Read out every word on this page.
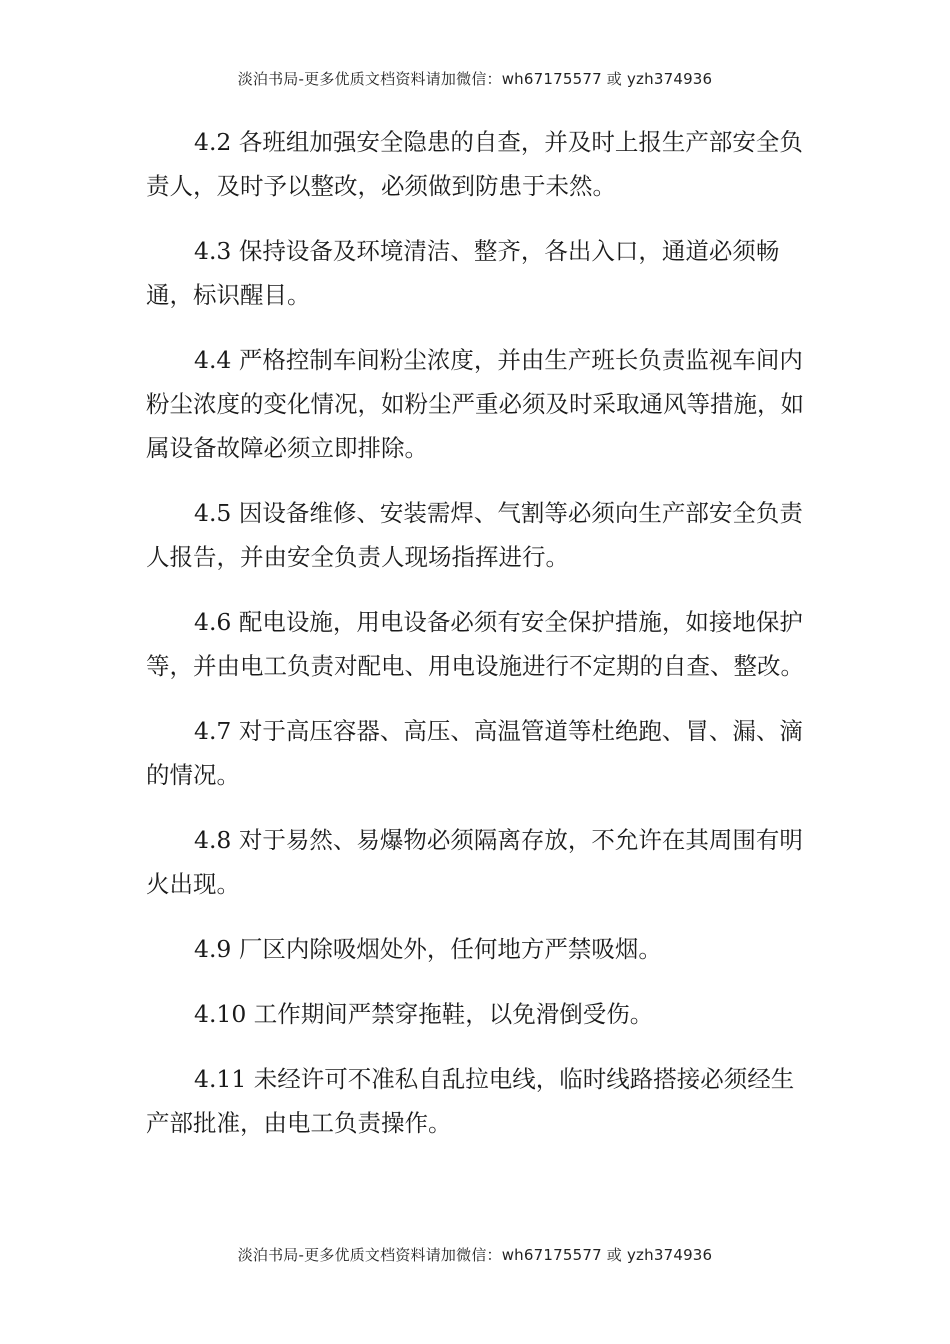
淡泊书局-更多优质文档资料请加微信：wh67175577 或 yzh374936

4.2 各班组加强安全隐患的自查，并及时上报生产部安全负责人，及时予以整改，必须做到防患于未然。

4.3 保持设备及环境清洁、整齐，各出入口，通道必须畅通，标识醒目。

4.4 严格控制车间粉尘浓度，并由生产班长负责监视车间内粉尘浓度的变化情况，如粉尘严重必须及时采取通风等措施，如属设备故障必须立即排除。

4.5 因设备维修、安装需焊、气割等必须向生产部安全负责人报告，并由安全负责人现场指挥进行。

4.6 配电设施，用电设备必须有安全保护措施，如接地保护等，并由电工负责对配电、用电设施进行不定期的自查、整改。

4.7 对于高压容器、高压、高温管道等杜绝跑、冒、漏、滴的情况。

4.8 对于易然、易爆物必须隔离存放，不允许在其周围有明火出现。

4.9 厂区内除吸烟处外，任何地方严禁吸烟。

4.10 工作期间严禁穿拖鞋，以免滑倒受伤。

4.11 未经许可不准私自乱拉电线，临时线路搭接必须经生产部批准，由电工负责操作。

淡泊书局-更多优质文档资料请加微信：wh67175577 或 yzh374936
